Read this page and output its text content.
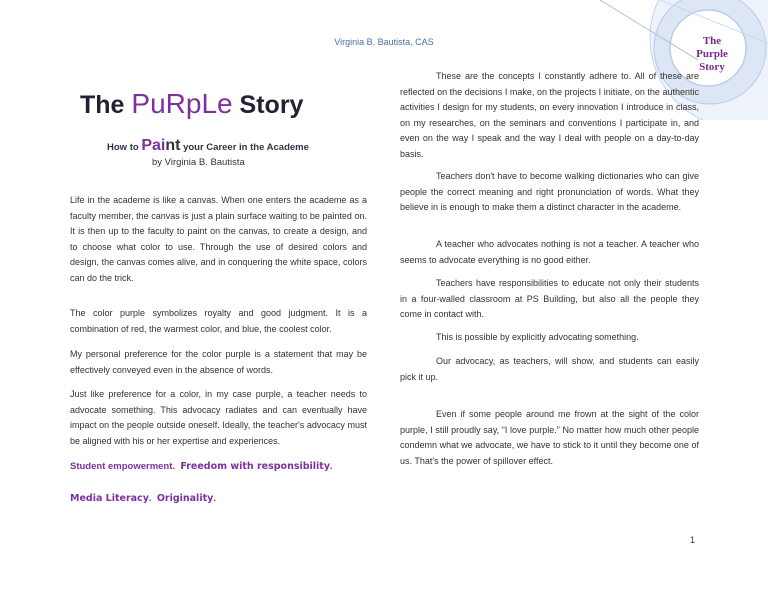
Virginia B. Bautista, CAS	The
Purple
Story
The PuRpLe Story
How to Paint your Career in the Academe
by Virginia B. Bautista
Life in the academe is like a canvas. When one enters the academe as a faculty member, the canvas is just a plain surface waiting to be painted on. It is then up to the faculty to paint on the canvas, to create a design, and to choose what color to use. Through the use of desired colors and design, the canvas comes alive, and in conquering the white space, colors can do the trick.
The color purple symbolizes royalty and good judgment. It is a combination of red, the warmest color, and blue, the coolest color.
My personal preference for the color purple is a statement that may be effectively conveyed even in the absence of words.
Just like preference for a color, in my case purple, a teacher needs to advocate something. This advocacy radiates and can eventually have impact on the people outside oneself. Ideally, the teacher's advocacy must be aligned with his or her expertise and experiences.
Student empowerment. Freedom with responsibility.
Media Literacy. Originality.
These are the concepts I constantly adhere to. All of these are reflected on the decisions I make, on the projects I initiate, on the authentic activities I design for my students, on every innovation I introduce in class, on my researches, on the seminars and conventions I participate in, and even on the way I speak and the way I deal with people on a day-to-day basis.
Teachers don't have to become walking dictionaries who can give people the correct meaning and right pronunciation of words. What they believe in is enough to make them a distinct character in the academe.
A teacher who advocates nothing is not a teacher. A teacher who seems to advocate everything is no good either.
Teachers have responsibilities to educate not only their students in a four-walled classroom at PS Building, but also all the people they come in contact with.
This is possible by explicitly advocating something.
Our advocacy, as teachers, will show, and students can easily pick it up.
Even if some people around me frown at the sight of the color purple, I still proudly say, “I love purple.” No matter how much other people condemn what we advocate, we have to stick to it until they become one of us. That's the power of spillover effect.
1
